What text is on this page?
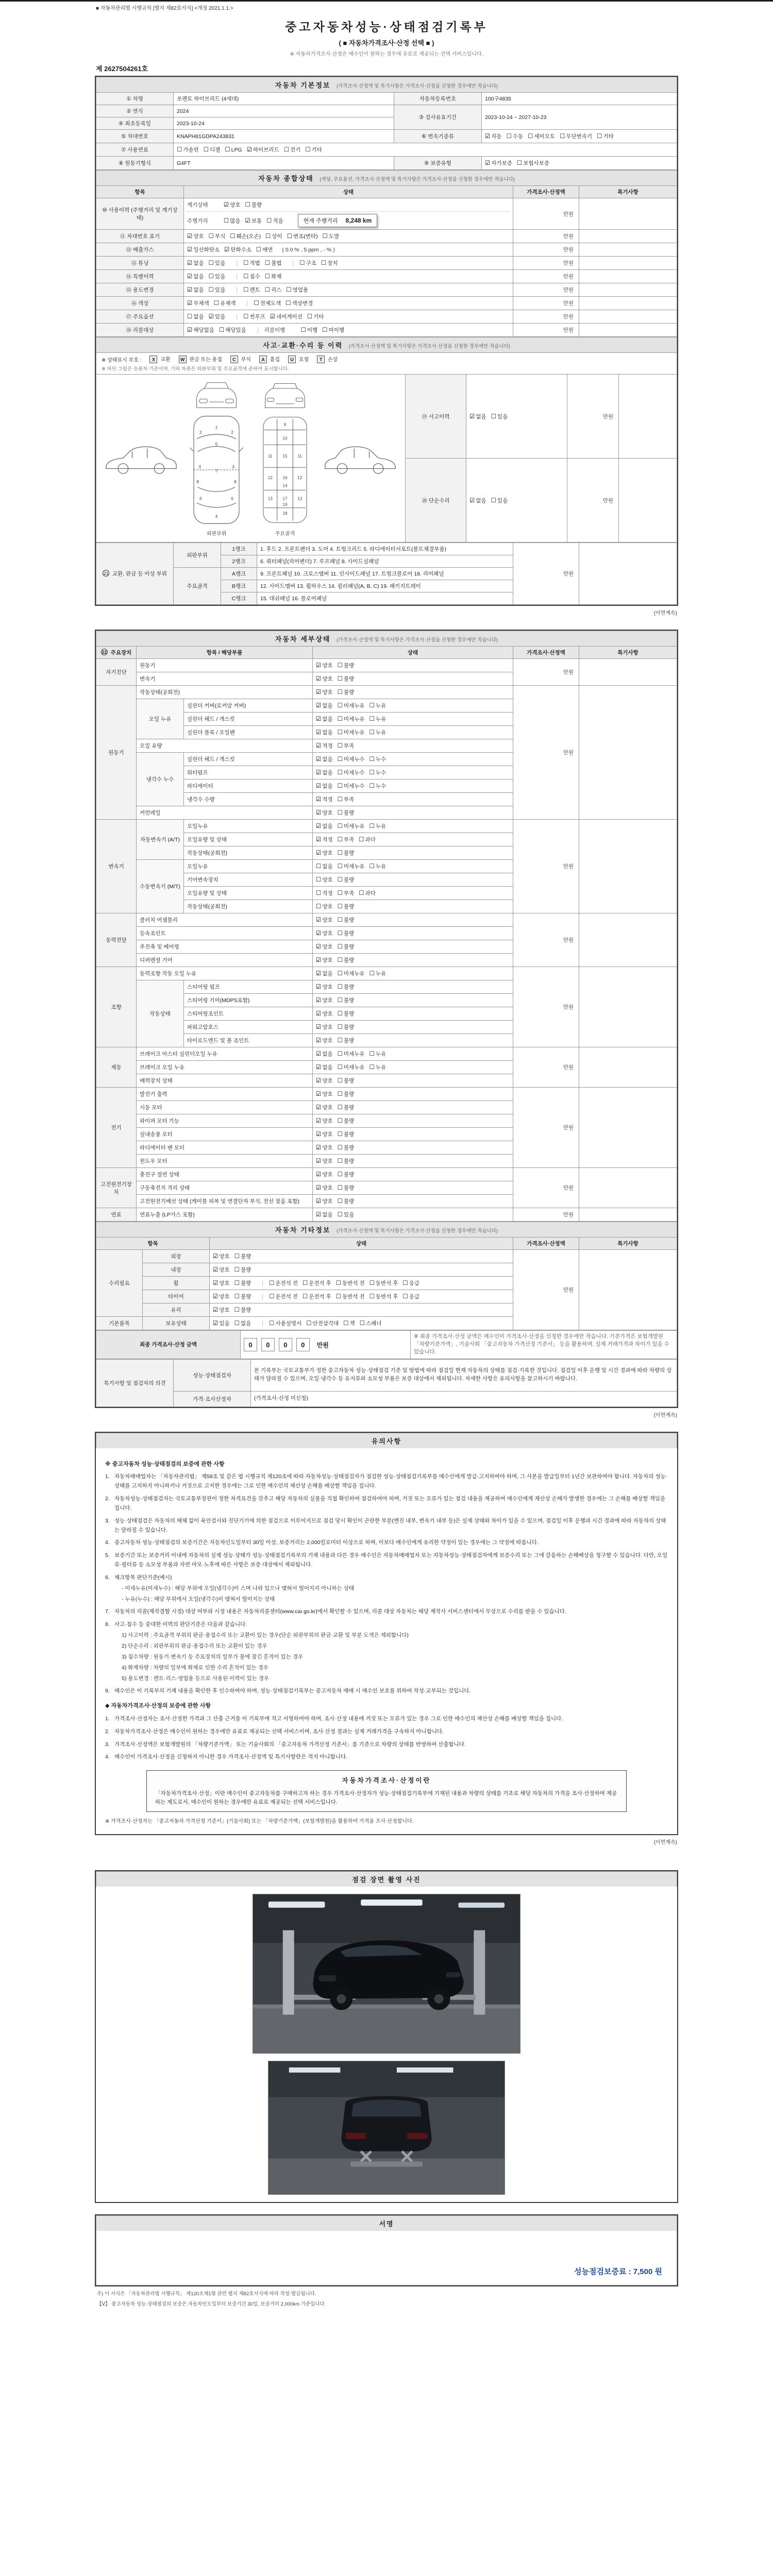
■ 자동차관리법 시행규칙 [별지 제82호서식] <개정 2021.1.1.>
중고자동차성능·상태점검기록부
( ■ 자동차가격조사·산정 선택 ■ )
※ 자동차가격조사·산정은 매수인이 원하는 경우에 유료로 제공되는 선택 서비스입니다.
제 2627504261호
자동차 기본정보 (가격조사·산정액 및 특기사항은 가격조사·산정을 신청한 경우에만 적습니다)
① 차명	쏘렌토 하이브리드 (4세대)	자동차등록번호	100구4835
② 연식	2024	③ 검사유효기간	2023-10-24 ~ 2027-10-23
④ 최초등록일	2023-10-24		
⑤ 차대번호	KNAPH81GDPA243831	⑥ 변속기종류	☑ 자동 ☐ 수동 ☐ 세미오토 ☐ 무단변속기 ☐ 기타
⑦ 사용연료	☐ 가솔린 ☐ 디젤 ☐ LPG ☑ 하이브리드 ☐ 전기 ☐ 기타		
⑧ 원동기형식	G4FT	⑨ 보증유형	☑ 자가보증 ☐ 보험사보증
자동차 종합상태 (색상, 주요옵션, 가격조사·산정액 및 특기사항은 가격조사·산정을 신청한 경우에만 적습니다)
항목	상태	가격조사·산정액	특기사항
⑩ 사용이력 (주행거리 및 계기상태)	계기상태 ☑ 양호 ☐ 불량
주행거리 ☐ 많음 ☑ 보통 ☐ 적음 현재 주행거리 8,248 km	만원	
⑪ 차대번호 표기	☑ 양호 ☐ 부식 ☐ 훼손(오손) ☐ 상이 ☐ 변조(변타) ☐ 도말	만원	
⑫ 배출가스	☑ 일산화탄소 ☑ 탄화수소 ☐ 매연 ( 0.0 % , 5 ppm , - % )	만원	
⑬ 튜닝	☑ 없음 ☐ 있음 ☐ 적법 ☐ 불법 ☐ 구조 ☐ 장치	만원	
⑭ 특별이력	☑ 없음 ☐ 있음 ☐ 침수 ☐ 화재	만원	
⑮ 용도변경	☑ 없음 ☐ 있음 ☐ 렌트 ☐ 리스 ☐ 영업용	만원	
⑯ 색상	☑ 무채색 ☐ 유채색 ☐ 전체도색 ☐ 색상변경	만원	
⑰ 주요옵션	☐ 없음 ☑ 있음 ☐ 썬루프 ☑ 네비게이션 ☐ 기타	만원	
⑱ 리콜대상	☑ 해당없음 ☐ 해당있음 리콜이행 ☐ 이행 ☐ 미이행	만원	
사고·교환·수리 등 이력 (가격조사·산정액 및 특기사항은 가격조사·산정을 신청한 경우에만 적습니다)
※ 상태표시 부호 :	X 교환	W 판금 또는 용접	C 부식	A 흠집	U 요철	T 손상
※ 하단 그림은 승용차 기준이며, 기타 차종은 외판부위 및 주요골격에 준하여 표시합니다.
1
7
4
2	2
3	3
6	6
5
8	8
외판부위
9
10
11	11
15
12	12
16
13	13
14
17
18
19
주요골격
	⑲ 사고이력	☑ 없음 ☐ 있음	만원	
	⑳ 단순수리	☑ 없음 ☐ 있음	만원	
21 교환, 판금 등 이상 부위	외판부위	1랭크	1. 후드 2. 프론트펜더 3. 도어 4. 트렁크리드 5. 라디에이터서포트(볼트체결부품)	만원	
		2랭크	6. 쿼터패널(리어펜더) 7. 루프패널 8. 사이드실패널		
	주요골격	A랭크	9. 프론트패널 10. 크로스멤버 11. 인사이드패널 17. 트렁크플로어 18. 리어패널		
		B랭크	12. 사이드멤버 13. 휠하우스 14. 필러패널(A, B, C) 19. 패키지트레이		
		C랭크	15. 대쉬패널 16. 플로어패널		
(이면계속)
자동차 세부상태 (가격조사·산정액 및 특기사항은 가격조사·산정을 신청한 경우에만 적습니다)
22 주요장치	항목 / 해당부품		상태	가격조사·산정액	특기사항
자기진단	원동기		☑ 양호 ☐ 불량	만원	
	변속기		☑ 양호 ☐ 불량		
원동기	작동상태(공회전)		☑ 양호 ☐ 불량	만원	
	오일 누유	실린더 커버(로커암 커버)	☑ 없음 ☐ 미세누유 ☐ 누유		
		실린더 헤드 / 개스킷	☑ 없음 ☐ 미세누유 ☐ 누유		
		실린더 블록 / 오일팬	☑ 없음 ☐ 미세누유 ☐ 누유		
	오일 유량		☑ 적정 ☐ 부족		
	냉각수 누수	실린더 헤드 / 개스킷	☑ 없음 ☐ 미세누수 ☐ 누수		
		워터펌프	☑ 없음 ☐ 미세누수 ☐ 누수		
		라디에이터	☑ 없음 ☐ 미세누수 ☐ 누수		
		냉각수 수량	☑ 적정 ☐ 부족		
	커먼레일		☑ 양호 ☐ 불량		
변속기	자동변속기 (A/T)	오일누유	☑ 없음 ☐ 미세누유 ☐ 누유	만원	
		오일유량 및 상태	☑ 적정 ☐ 부족 ☐ 과다		
		작동상태(공회전)	☑ 양호 ☐ 불량		
	수동변속기 (M/T)	오일누유	☐ 없음 ☐ 미세누유 ☐ 누유		
		기어변속장치	☐ 양호 ☐ 불량		
		오일유량 및 상태	☐ 적정 ☐ 부족 ☐ 과다		
		작동상태(공회전)	☐ 양호 ☐ 불량		
동력전달	클러치 어셈블리		☑ 양호 ☐ 불량	만원	
	등속조인트		☑ 양호 ☐ 불량		
	추진축 및 베어링		☑ 양호 ☐ 불량		
	디퍼렌셜 기어		☑ 양호 ☐ 불량		
조향	동력조향 작동 오일 누유		☑ 없음 ☐ 미세누유 ☐ 누유	만원	
	작동상태	스티어링 펌프	☑ 양호 ☐ 불량		
		스티어링 기어(MDPS포함)	☑ 양호 ☐ 불량		
		스티어링조인트	☑ 양호 ☐ 불량		
		파워고압호스	☑ 양호 ☐ 불량		
		타이로드엔드 및 볼 조인트	☑ 양호 ☐ 불량		
제동	브레이크 마스터 실린더오일 누유		☑ 없음 ☐ 미세누유 ☐ 누유	만원	
	브레이크 오일 누유		☑ 없음 ☐ 미세누유 ☐ 누유		
	배력장치 상태		☑ 양호 ☐ 불량		
전기	발전기 출력		☑ 양호 ☐ 불량	만원	
	시동 모터		☑ 양호 ☐ 불량		
	와이퍼 모터 기능		☑ 양호 ☐ 불량		
	실내송풍 모터		☑ 양호 ☐ 불량		
	라디에이터 팬 모터		☑ 양호 ☐ 불량		
	윈도우 모터		☑ 양호 ☐ 불량		
고전원전기장치	충전구 절연 상태		☑ 양호 ☐ 불량	만원	
	구동축전지 격리 상태		☑ 양호 ☐ 불량		
	고전원전기배선 상태 (케이블 피복 및 연결단자 부식, 전선 젖음 포함)		☑ 양호 ☐ 불량		
연료	연료누출 (LP가스 포함)		☑ 없음 ☐ 있음	만원	
자동차 기타정보 (가격조사·산정액 및 특기사항은 가격조사·산정을 신청한 경우에만 적습니다)
항목		상태	가격조사·산정액	특기사항
수리필요	외장	☑ 양호 ☐ 불량	만원	
	내장	☑ 양호 ☐ 불량		
	휠	☑ 양호 ☐ 불량 ☐ 운전석 전 ☐ 운전석 후 ☐ 동반석 전 ☐ 동반석 후 ☐ 응급		
	타이어	☑ 양호 ☐ 불량 ☐ 운전석 전 ☐ 운전석 후 ☐ 동반석 전 ☐ 동반석 후 ☐ 응급		
	유리	☑ 양호 ☐ 불량		
기본품목	보유상태	☑ 있음 ☐ 없음 ☐ 사용설명서 ☐ 안전삼각대 ☐ 잭 ☐ 스패너		
최종 가격조사·산정 금액	0 0 0 0 만원	※ 최종 가격조사·산정 금액은 매수인이 가격조사·산정을 신청한 경우에만 적습니다. 기준가격은 보험개발원 「차량기준가액」, 기술사회 「중고자동차 가격산정 기준서」 등을 활용하며, 실제 거래가격과 차이가 있을 수 있습니다.
특기사항 및 점검자의 의견	성능·상태점검자	본 기록부는 국토교통부가 정한 중고자동차 성능·상태점검 기준 및 방법에 따라 점검일 현재 자동차의 상태를 점검·기록한 것입니다. 점검일 이후 운행 및 시간 경과에 따라 차량의 상태가 달라질 수 있으며, 오일·냉각수 등 유지류와 소모성 부품은 보증 대상에서 제외됩니다. 자세한 사항은 유의사항을 참고하시기 바랍니다.
	가격·조사산정자	(가격조사·산정 미신청)
(이면계속)
유의사항
※ 중고자동차 성능·상태점검의 보증에 관한 사항
1. 자동차매매업자는 「자동차관리법」 제58조 및 같은 법 시행규칙 제120조에 따라 자동차성능·상태점검자가 점검한 성능·상태점검기록부를 매수인에게 발급·고지하여야 하며, 그 사본을 발급일부터 1년간 보관하여야 합니다. 자동차의 성능·상태를 고지하지 아니하거나 거짓으로 고지한 경우에는 그로 인한 매수인의 재산상 손해를 배상할 책임을 집니다.
2. 자동차성능·상태점검자는 국토교통부장관이 정한 자격요건을 갖추고 해당 자동차의 실물을 직접 확인하여 점검하여야 하며, 거짓 또는 오류가 있는 점검 내용을 제공하여 매수인에게 재산상 손해가 발생한 경우에는 그 손해를 배상할 책임을 집니다.
3. 성능·상태점검은 자동차의 해체 없이 육안검사와 진단기기에 의한 점검으로 이루어지므로 점검 당시 확인이 곤란한 부분(엔진 내부, 변속기 내부 등)은 실제 상태와 차이가 있을 수 있으며, 점검일 이후 운행과 시간 경과에 따라 자동차의 상태는 달라질 수 있습니다.
4. 중고자동차 성능·상태점검의 보증기간은 자동차인도일부터 30일 이상, 보증거리는 2,000킬로미터 이상으로 하며, 이보다 매수인에게 유리한 약정이 있는 경우에는 그 약정에 따릅니다.
5. 보증기간 또는 보증거리 이내에 자동차의 실제 성능·상태가 성능·상태점검기록부의 기재 내용과 다른 경우 매수인은 자동차매매업자 또는 자동차성능·상태점검자에게 보증수리 또는 그에 갈음하는 손해배상을 청구할 수 있습니다. 다만, 오일류·필터류 등 소모성 부품과 자연 마모·노후에 따른 사항은 보증 대상에서 제외됩니다.
6. 체크항목 판단기준(예시)
- 미세누유(미세누수) : 해당 부위에 오일(냉각수)이 스며 나와 있으나 맺혀서 떨어지지 아니하는 상태
- 누유(누수) : 해당 부위에서 오일(냉각수)이 맺혀서 떨어지는 상태
7. 자동차의 리콜(제작결함 시정) 대상 여부와 시정 내용은 자동차리콜센터(www.car.go.kr)에서 확인할 수 있으며, 리콜 대상 자동차는 해당 제작사 서비스센터에서 무상으로 수리를 받을 수 있습니다.
8. 사고·침수 등 중대한 이력의 판단기준은 다음과 같습니다.
1) 사고이력 : 주요골격 부위의 판금·용접수리 또는 교환이 있는 경우(단순 외판부위의 판금·교환 및 부분 도색은 제외합니다)
2) 단순수리 : 외판부위의 판금·용접수리 또는 교환이 있는 경우
3) 침수차량 : 원동기·변속기 등 주요장치의 일부가 물에 잠긴 흔적이 있는 경우
4) 화재차량 : 차량의 일부에 화재로 인한 수리 흔적이 있는 경우
5) 용도변경 : 렌트·리스·영업용 등으로 사용된 이력이 있는 경우
9. 매수인은 이 기록부의 기재 내용을 확인한 후 인수하여야 하며, 성능·상태점검기록부는 중고자동차 매매 시 매수인 보호를 위하여 작성·교부되는 것입니다.
◆ 자동차가격조사·산정의 보증에 관한 사항
1. 가격조사·산정자는 조사·산정한 가격과 그 산출 근거를 이 기록부에 적고 서명하여야 하며, 조사·산정 내용에 거짓 또는 오류가 있는 경우 그로 인한 매수인의 재산상 손해를 배상할 책임을 집니다.
2. 자동차가격조사·산정은 매수인이 원하는 경우에만 유료로 제공되는 선택 서비스이며, 조사·산정 결과는 실제 거래가격을 구속하지 아니합니다.
3. 가격조사·산정액은 보험개발원의 「차량기준가액」 또는 기술사회의 「중고자동차 가격산정 기준서」를 기준으로 차량의 상태를 반영하여 산출합니다.
4. 매수인이 가격조사·산정을 신청하지 아니한 경우 가격조사·산정액 및 특기사항란은 적지 아니합니다.
자동차가격조사·산정이란
「자동차가격조사·산정」이란 매수인이 중고자동차를 구매하고자 하는 경우 가격조사·산정자가 성능·상태점검기록부에 기재된 내용과 차량의 상태를 기초로 해당 자동차의 가격을 조사·산정하여 제공하는 제도로서, 매수인이 원하는 경우에만 유료로 제공되는 선택 서비스입니다.
※ 가격조사·산정자는 「중고자동차 가격산정 기준서」(기술사회) 또는 「차량기준가액」(보험개발원)을 활용하여 가격을 조사·산정합니다.
(이면계속)
점검 장면 촬영 사진
서명
성능점검보증료 : 7,500 원
주) 이 서식은 「자동차관리법 시행규칙」 제120조제1항 관련 별지 제82호서식에 따라 작성·발급됩니다.
【Ⅴ】 중고자동차 성능·상태점검의 보증은 자동차인도일부터 보증기간 30일, 보증거리 2,000km 기준입니다.
